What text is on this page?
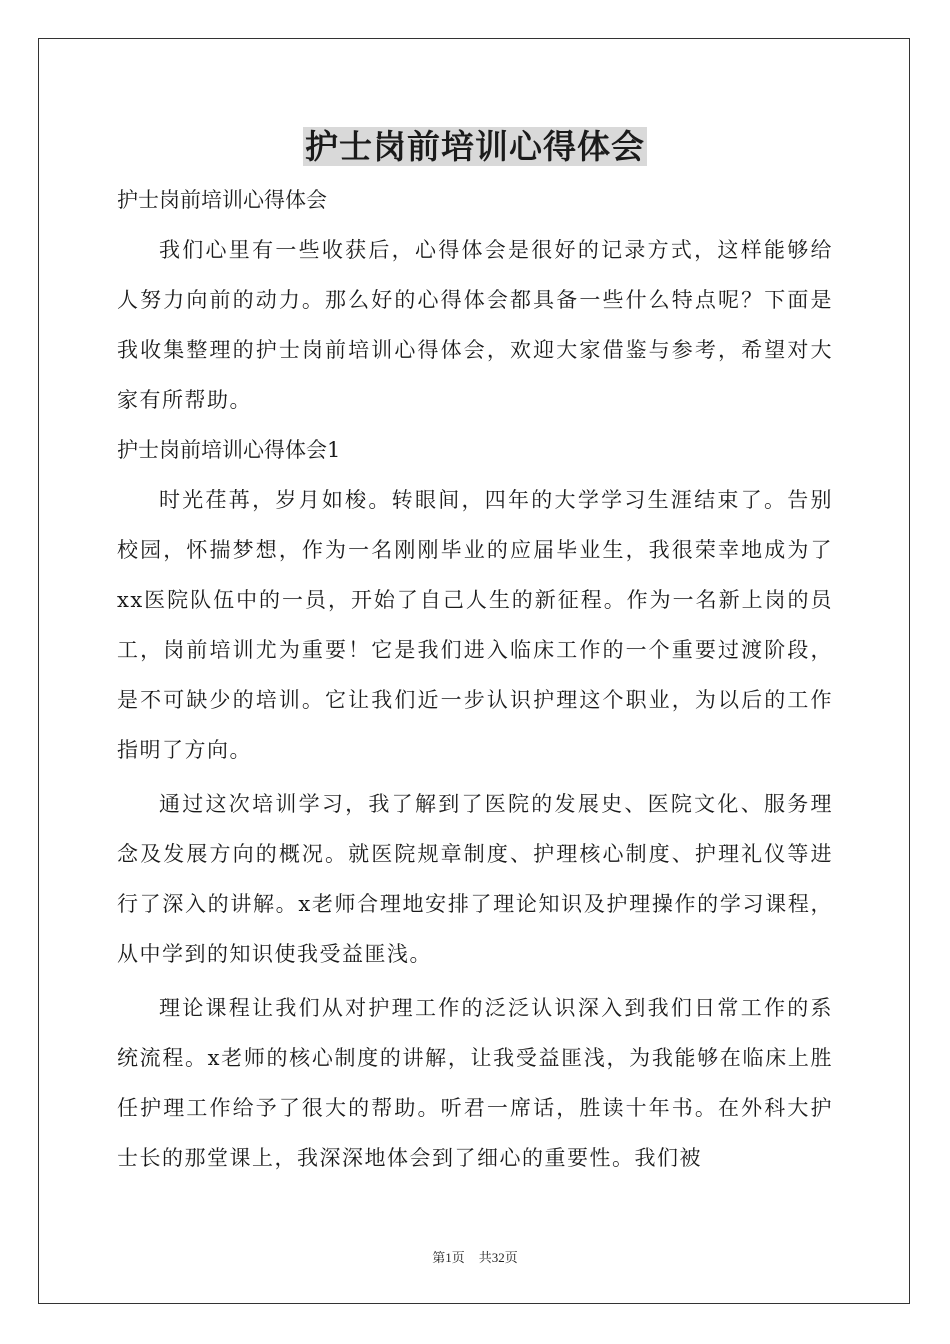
护士岗前培训心得体会

护士岗前培训心得体会

我们心里有一些收获后，心得体会是很好的记录方式，这样能够给人努力向前的动力。那么好的心得体会都具备一些什么特点呢？下面是我收集整理的护士岗前培训心得体会，欢迎大家借鉴与参考，希望对大家有所帮助。

护士岗前培训心得体会1

时光荏苒，岁月如梭。转眼间，四年的大学学习生涯结束了。告别校园，怀揣梦想，作为一名刚刚毕业的应届毕业生，我很荣幸地成为了xx医院队伍中的一员，开始了自己人生的新征程。作为一名新上岗的员工，岗前培训尤为重要！它是我们进入临床工作的一个重要过渡阶段，是不可缺少的培训。它让我们近一步认识护理这个职业，为以后的工作指明了方向。

通过这次培训学习，我了解到了医院的发展史、医院文化、服务理念及发展方向的概况。就医院规章制度、护理核心制度、护理礼仪等进行了深入的讲解。x老师合理地安排了理论知识及护理操作的学习课程，从中学到的知识使我受益匪浅。

理论课程让我们从对护理工作的泛泛认识深入到我们日常工作的系统流程。x老师的核心制度的讲解，让我受益匪浅，为我能够在临床上胜任护理工作给予了很大的帮助。听君一席话，胜读十年书。在外科大护士长的那堂课上，我深深地体会到了细心的重要性。我们被

第1页 共32页
